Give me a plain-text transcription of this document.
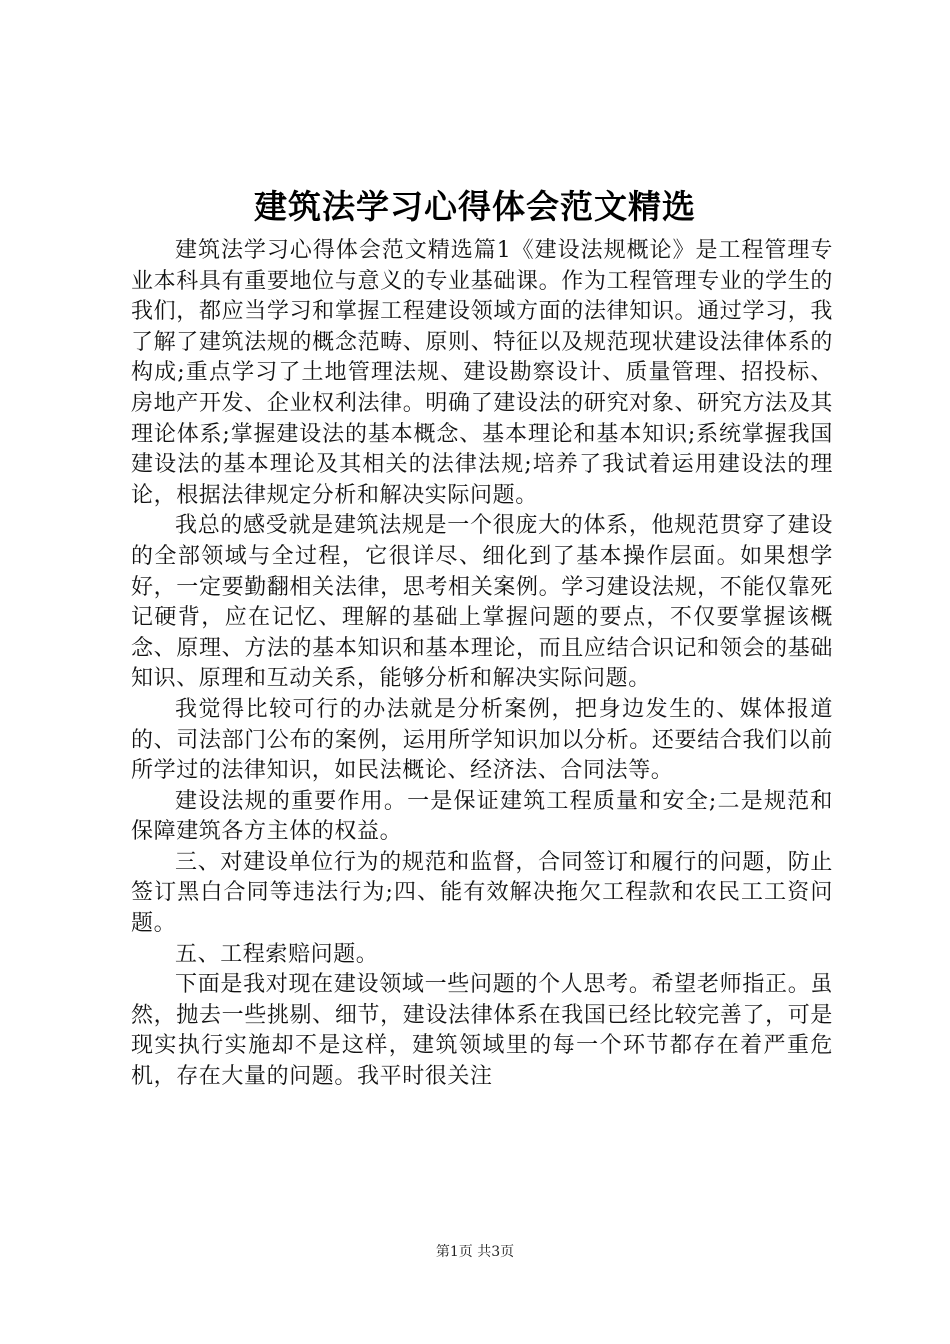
建筑法学习心得体会范文精选

建筑法学习心得体会范文精选篇1《建设法规概论》是工程管理专业本科具有重要地位与意义的专业基础课。作为工程管理专业的学生的我们，都应当学习和掌握工程建设领域方面的法律知识。通过学习，我了解了建筑法规的概念范畴、原则、特征以及规范现状建设法律体系的构成;重点学习了土地管理法规、建设勘察设计、质量管理、招投标、房地产开发、企业权利法律。明确了建设法的研究对象、研究方法及其理论体系;掌握建设法的基本概念、基本理论和基本知识;系统掌握我国建设法的基本理论及其相关的法律法规;培养了我试着运用建设法的理论，根据法律规定分析和解决实际问题。

我总的感受就是建筑法规是一个很庞大的体系，他规范贯穿了建设的全部领域与全过程，它很详尽、细化到了基本操作层面。如果想学好，一定要勤翻相关法律，思考相关案例。学习建设法规，不能仅靠死记硬背，应在记忆、理解的基础上掌握问题的要点，不仅要掌握该概念、原理、方法的基本知识和基本理论，而且应结合识记和领会的基础知识、原理和互动关系，能够分析和解决实际问题。

我觉得比较可行的办法就是分析案例，把身边发生的、媒体报道的、司法部门公布的案例，运用所学知识加以分析。还要结合我们以前所学过的法律知识，如民法概论、经济法、合同法等。

建设法规的重要作用。一是保证建筑工程质量和安全;二是规范和保障建筑各方主体的权益。

三、对建设单位行为的规范和监督，合同签订和履行的问题，防止签订黑白合同等违法行为;四、能有效解决拖欠工程款和农民工工资问题。

五、工程索赔问题。

下面是我对现在建设领域一些问题的个人思考。希望老师指正。虽然，抛去一些挑剔、细节，建设法律体系在我国已经比较完善了，可是现实执行实施却不是这样，建筑领域里的每一个环节都存在着严重危机，存在大量的问题。我平时很关注

第1页 共3页
